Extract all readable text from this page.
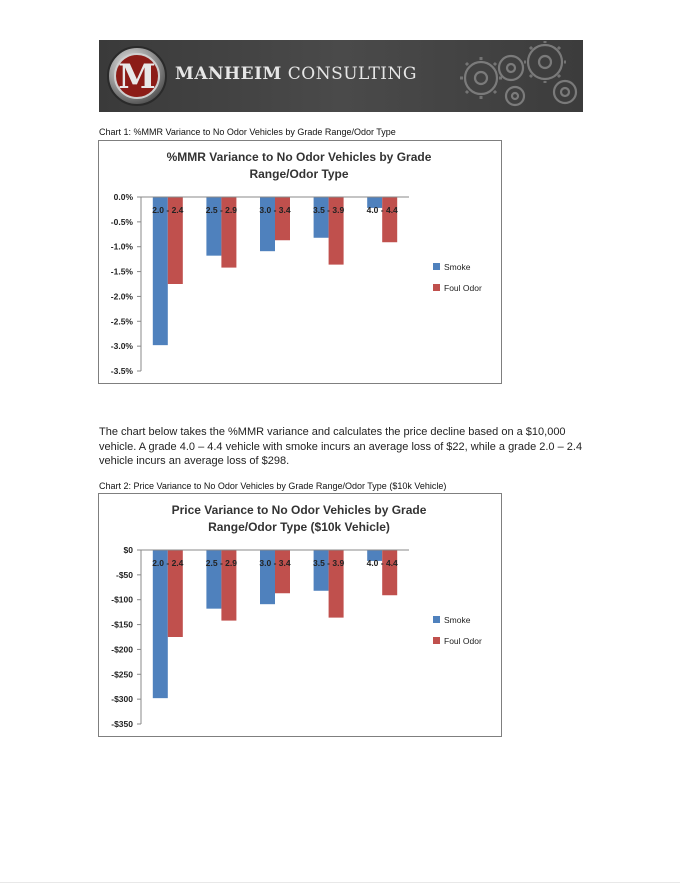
M MANHEIM CONSULTING
Chart 1: %MMR Variance to No Odor Vehicles by Grade Range/Odor Type
%MMR Variance to No Odor Vehicles by Grade
Range/Odor Type
0.0%
-0.5%
-1.0%
-1.5%
-2.0%
-2.5%
-3.0%
-3.5%
2.0 - 2.4	2.5 - 2.9	3.0 - 3.4	3.5 - 3.9	4.0 - 4.4
Smoke
Foul Odor
The chart below takes the %MMR variance and calculates the price decline based on a $10,000 vehicle. A grade 4.0 – 4.4 vehicle with smoke incurs an average loss of $22, while a grade 2.0 – 2.4 vehicle incurs an average loss of $298.
Chart 2: Price Variance to No Odor Vehicles by Grade Range/Odor Type ($10k Vehicle)
Price Variance to No Odor Vehicles by Grade
Range/Odor Type ($10k Vehicle)
$0
-$50
-$100
-$150
-$200
-$250
-$300
-$350
2.0 - 2.4	2.5 - 2.9	3.0 - 3.4	3.5 - 3.9	4.0 - 4.4
Smoke
Foul Odor
